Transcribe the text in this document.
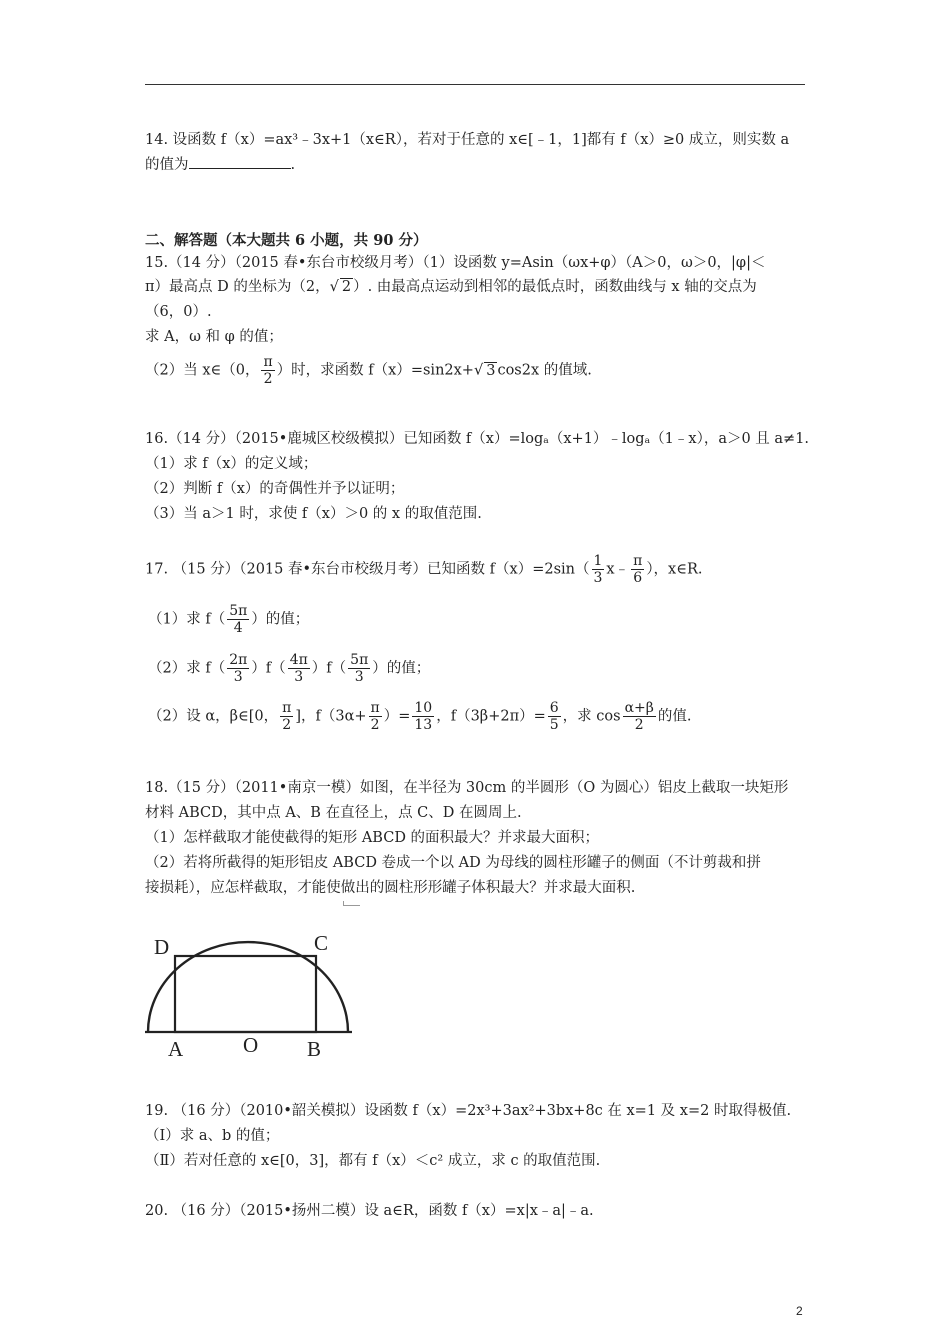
14. 设函数 f（x）=ax³﹣3x+1（x∈R），若对于任意的 x∈[﹣1，1]都有 f（x）≥0 成立，则实数 a
的值为	.
二、解答题（本大题共 6 小题，共 90 分）
15.（14 分）（2015 春•东台市校级月考）（1）设函数 y=Asin（ωx+φ）（A＞0，ω＞0，|φ|＜
π）最高点 D 的坐标为（2，√ 2 ）. 由最高点运动到相邻的最低点时，函数曲线与 x 轴的交点为
（6，0）.
求 A，ω 和 φ 的值；
（2）当 x∈（0， $\frac{\pi}{2}$ ）时，求函数 f（x）=sin2x+√ 3 cos2x 的值域.
16.（14 分）（2015•鹿城区校级模拟）已知函数 f（x）=logₐ（x+1）﹣logₐ（1﹣x），a＞0 且 a≠1.
（1）求 f（x）的定义域；
（2）判断 f（x）的奇偶性并予以证明；
（3）当 a＞1 时，求使 f（x）＞0 的 x 的取值范围.
17. （15 分）（2015 春•东台市校级月考）已知函数 $f(x)=2\sin( \frac{1}{3}$ x﹣ $\frac{\pi}{6}$ ），x∈R.
（1）求 $f( \frac{5\pi}{4}$ ）的值；
（2）求 $f( \frac{2\pi}{3} )f( \frac{4\pi}{3} )f( \frac{5\pi}{3}$ ）的值；
（2）设 α，β∈[0， $\frac{\pi}{2}$ ]，$f(3\alpha+ \frac{\pi}{2}$ ）= $\frac{10}{13}$ ，$f(3\beta+2\pi)= \frac{6}{5}$ ，求 $\cos \frac{\alpha+\beta}{2}$ 的值.
18.（15 分）（2011•南京一模）如图，在半径为 30cm 的半圆形（O 为圆心）铝皮上截取一块矩形
材料 ABCD，其中点 A、B 在直径上，点 C、D 在圆周上.
（1）怎样截取才能使截得的矩形 ABCD 的面积最大？并求最大面积；
（2）若将所截得的矩形铝皮 ABCD 卷成一个以 AD 为母线的圆柱形罐子的侧面（不计剪裁和拼
接损耗），应怎样截取，才能使做出的圆柱形形罐子体积最大？并求最大面积.
D	C
A	O B
19. （16 分）（2010•韶关模拟）设函数 f（x）=2x³+3ax²+3bx+8c 在 x=1 及 x=2 时取得极值.
（Ⅰ）求 a、b 的值；
（Ⅱ）若对任意的 x∈[0，3]，都有 f（x）＜c² 成立，求 c 的取值范围.
20. （16 分）（2015•扬州二模）设 a∈R，函数 f（x）=x|x﹣a|﹣a.
2
